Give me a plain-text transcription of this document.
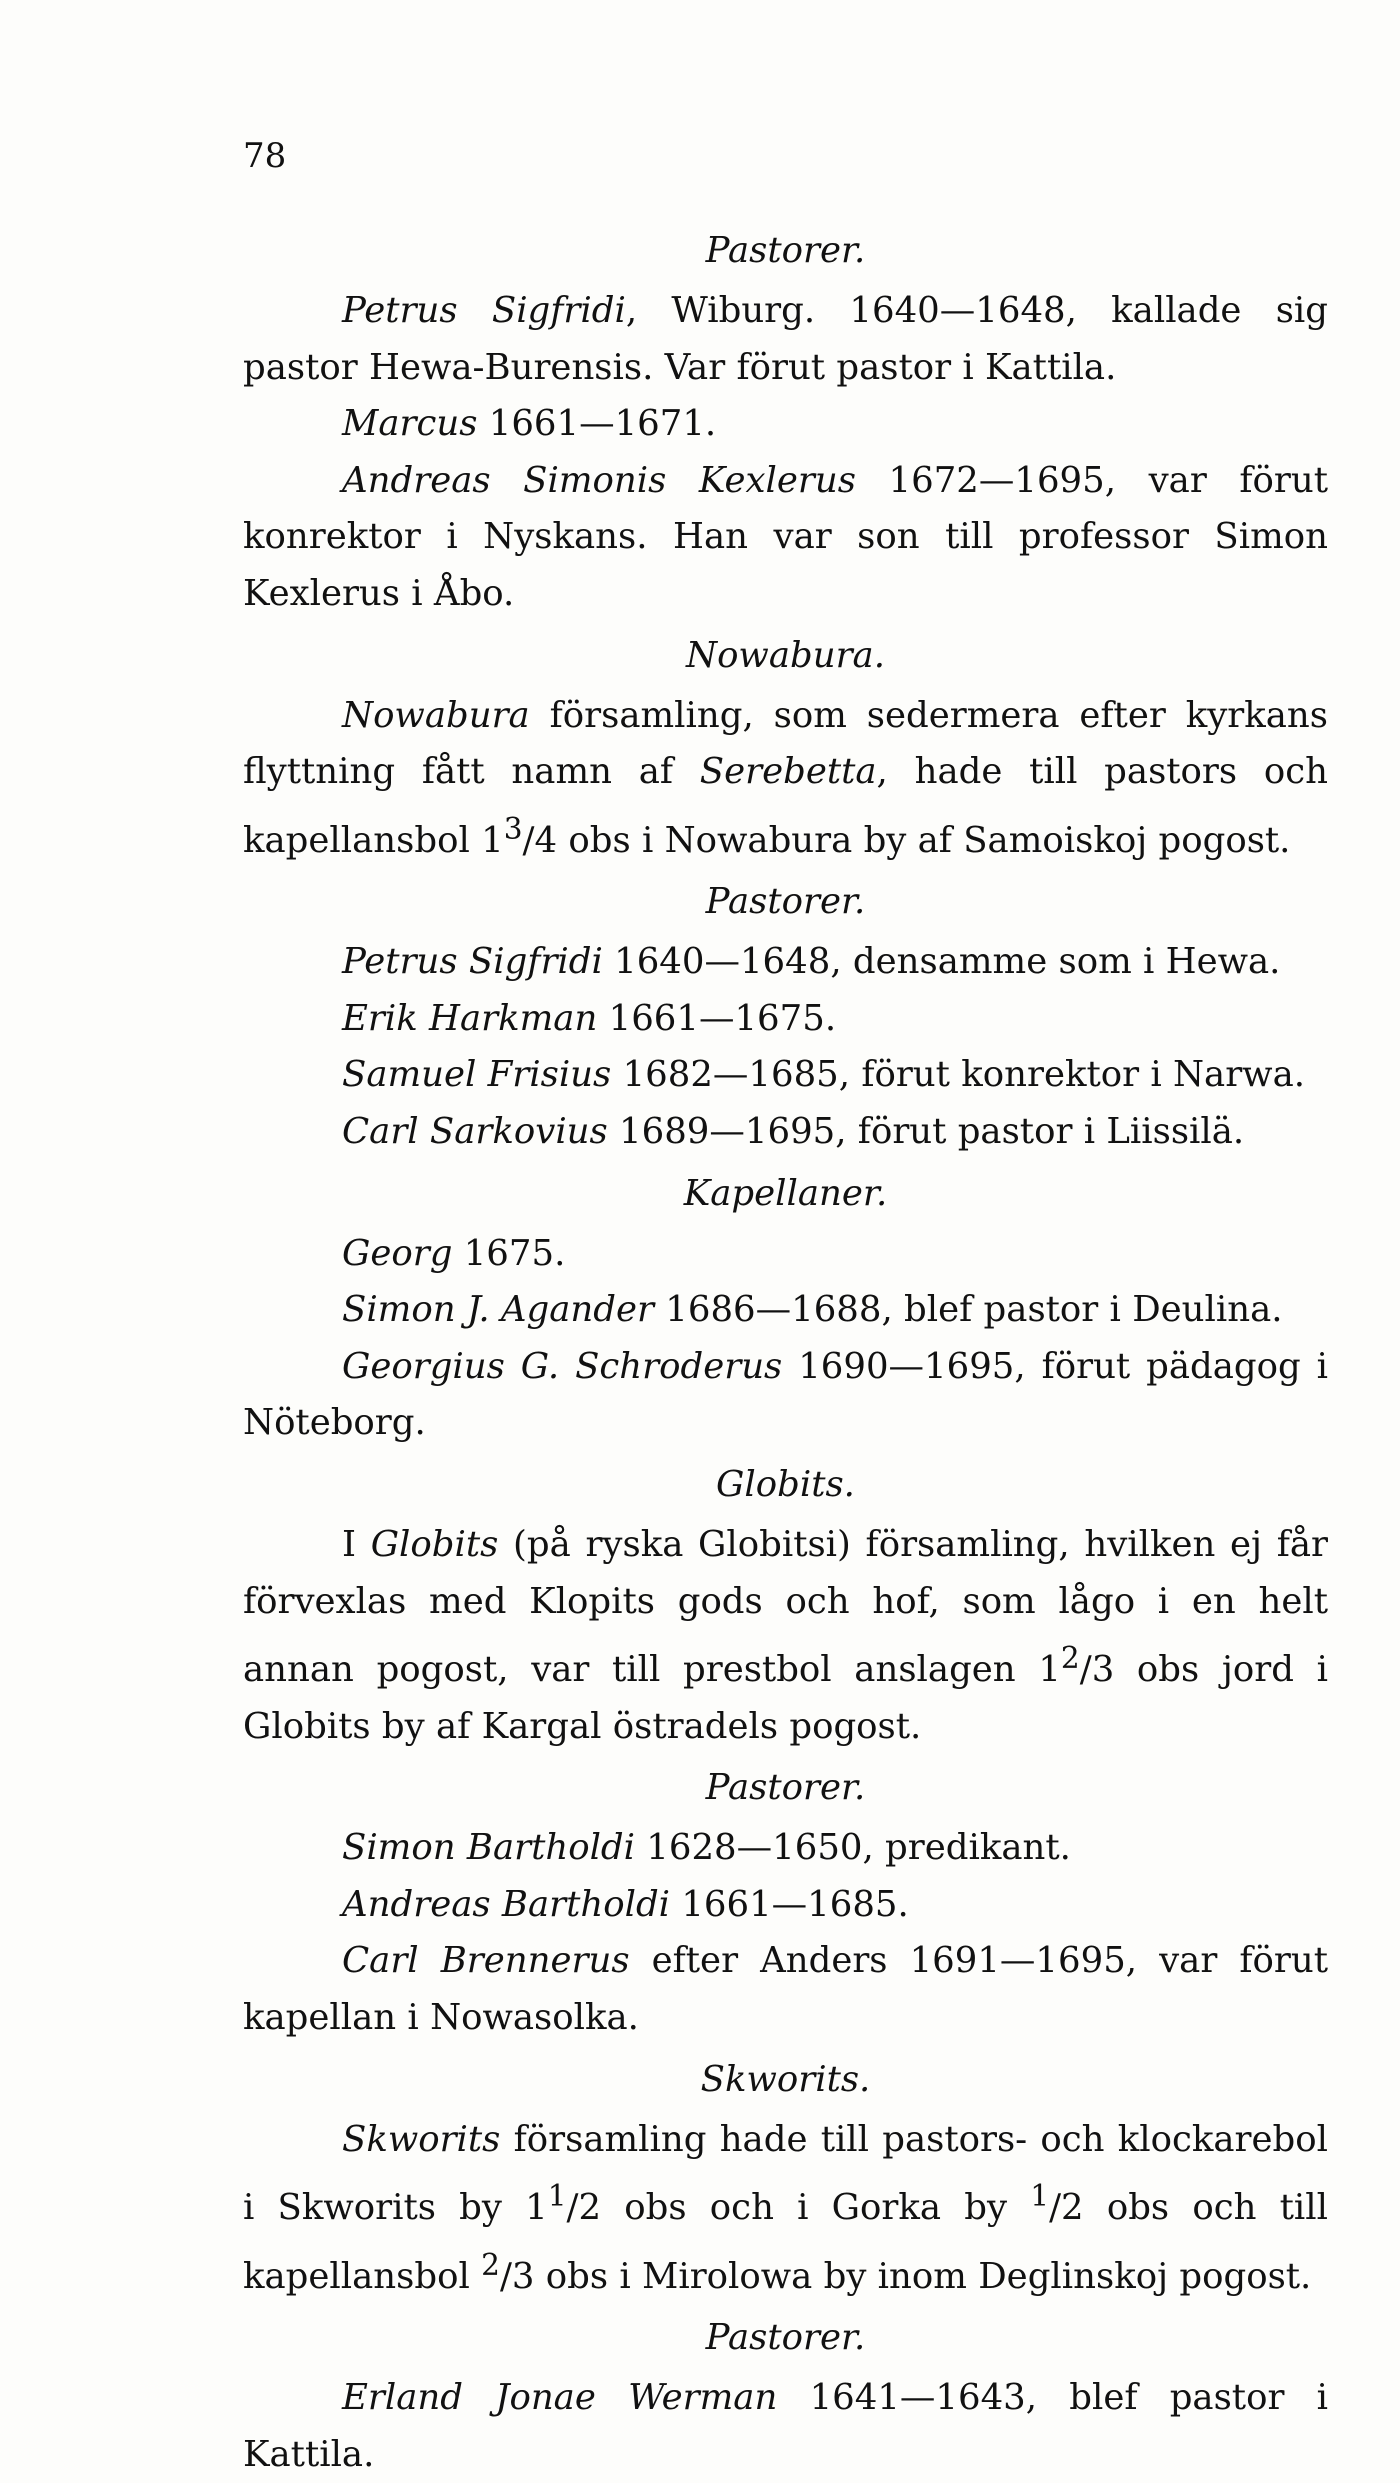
78
Pastorer.

Petrus Sigfridi, Wiburg. 1640—1648, kallade sig pastor Hewa-Burensis. Var förut pastor i Kattila.

Marcus 1661—1671.

Andreas Simonis Kexlerus 1672—1695, var förut konrektor i Nyskans. Han var son till professor Simon Kexlerus i Åbo.

Nowabura.

Nowabura församling, som sedermera efter kyrkans flyttning fått namn af Serebetta, hade till pastors och kapellansbol $1^3/4$ obs i Nowabura by af Samoiskoj pogost.

Pastorer.

Petrus Sigfridi 1640—1648, densamme som i Hewa.

Erik Harkman 1661—1675.

Samuel Frisius 1682—1685, förut konrektor i Narwa.

Carl Sarkovius 1689—1695, förut pastor i Liissilä.

Kapellaner.

Georg 1675.

Simon J. Agander 1686—1688, blef pastor i Deulina.

Georgius G. Schroderus 1690—1695, förut pädagog i Nöteborg.

Globits.

I Globits (på ryska Globitsi) församling, hvilken ej får förvexlas med Klopits gods och hof, som lågo i en helt annan pogost, var till prestbol anslagen $1^2/3$ obs jord i Globits by af Kargal östradels pogost.

Pastorer.

Simon Bartholdi 1628—1650, predikant.

Andreas Bartholdi 1661—1685.

Carl Brennerus efter Anders 1691—1695, var förut kapellan i Nowasolka.

Skworits.

Skworits församling hade till pastors- och klockarebol i Skworits by $1^1/2$ obs och i Gorka by $^1$/2 obs och till kapellansbol $^2$/3 obs i Mirolowa by inom Deglinskoj pogost.

Pastorer.

Erland Jonae Werman 1641—1643, blef pastor i Kattila.
